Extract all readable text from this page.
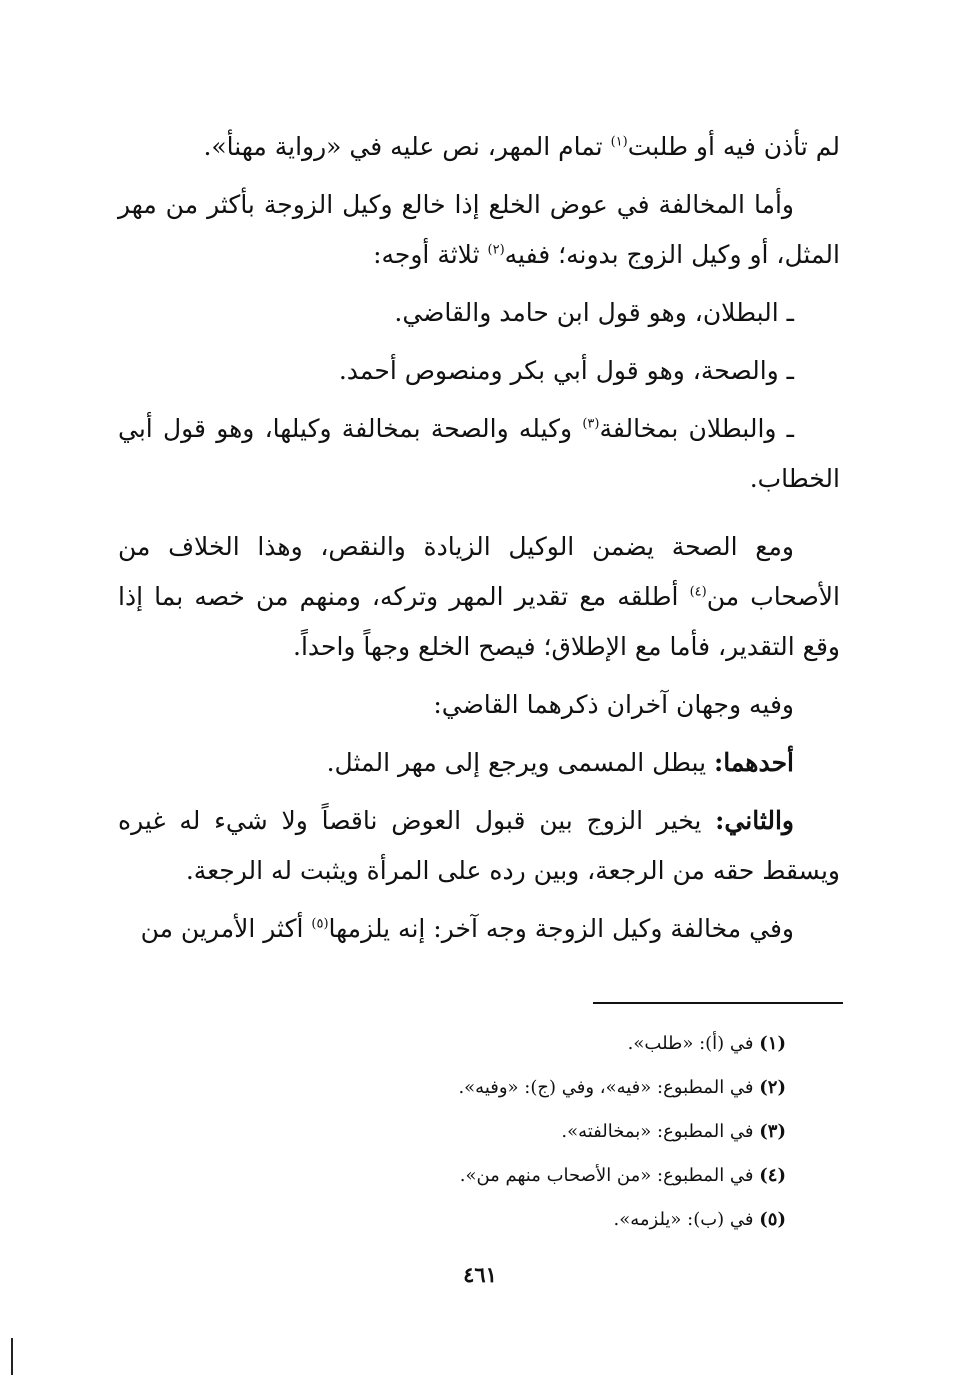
لم تأذن فيه أو طلبت$^{(١)}$ تمام المهر، نص عليه في «رواية مهنأ».

وأما المخالفة في عوض الخلع إذا خالع وكيل الزوجة بأكثر من مهر المثل، أو وكيل الزوج بدونه؛ ففيه$^{(٢)}$ ثلاثة أوجه:

ـ البطلان، وهو قول ابن حامد والقاضي.

ـ والصحة، وهو قول أبي بكر ومنصوص أحمد.

ـ والبطلان بمخالفة$^{(٣)}$ وكيله والصحة بمخالفة وكيلها، وهو قول أبي الخطاب.

ومع الصحة يضمن الوكيل الزيادة والنقص، وهذا الخلاف من الأصحاب من$^{(٤)}$ أطلقه مع تقدير المهر وتركه، ومنهم من خصه بما إذا وقع التقدير، فأما مع الإطلاق؛ فيصح الخلع وجهاً واحداً.

وفيه وجهان آخران ذكرهما القاضي:

أحدهما: يبطل المسمى ويرجع إلى مهر المثل.

والثاني: يخير الزوج بين قبول العوض ناقصاً ولا شيء له غيره ويسقط حقه من الرجعة، وبين رده على المرأة ويثبت له الرجعة.

وفي مخالفة وكيل الزوجة وجه آخر: إنه يلزمها$^{(٥)}$ أكثر الأمرين من

(١) في (أ): «طلب».

(٢) في المطبوع: «فيه»، وفي (ج): «وفيه».

(٣) في المطبوع: «بمخالفته».

(٤) في المطبوع: «من الأصحاب منهم من».

(٥) في (ب): «يلزمه».

٤٦١
